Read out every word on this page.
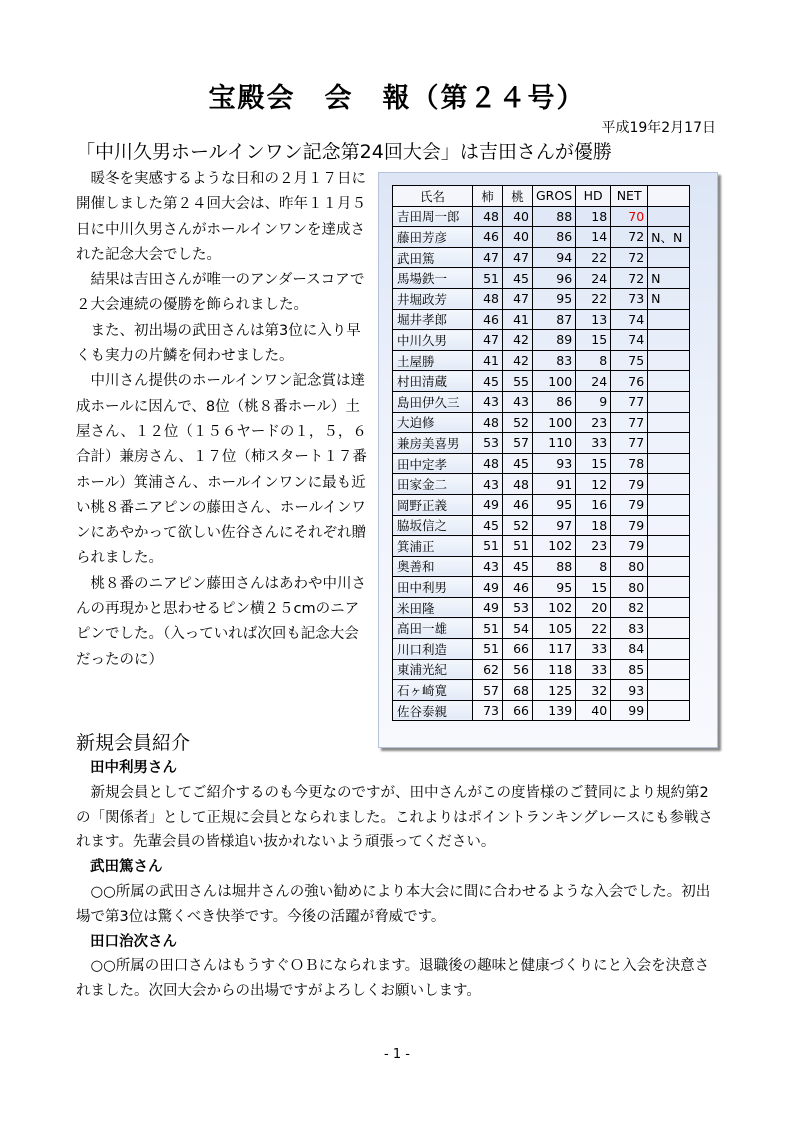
宝殿会　会　報（第２４号）
平成19年2月17日
「中川久男ホールインワン記念第24回大会」は吉田さんが優勝

暖冬を実感するような日和の２月１７日に開催しました第２４回大会は、昨年１１月５日に中川久男さんがホールインワンを達成された記念大会でした。

結果は吉田さんが唯一のアンダースコアで２大会連続の優勝を飾られました。

また、初出場の武田さんは第3位に入り早くも実力の片鱗を伺わせました。

中川さん提供のホールインワン記念賞は達成ホールに因んで、8位（桃８番ホール）土屋さん、１２位（１５６ヤードの１，５，６合計）兼房さん、１７位（柿スタート１７番ホール）箕浦さん、ホールインワンに最も近い桃８番ニアピンの藤田さん、ホールインワンにあやかって欲しい佐谷さんにそれぞれ贈られました。

桃８番のニアピン藤田さんはあわや中川さんの再現かと思わせるピン横２５cmのニアピンでした。（入っていれば次回も記念大会だったのに）

氏名	柿	桃	GROS	HD	NET	
吉田周一郎	48	40	88	18	70	
藤田芳彦	46	40	86	14	72	N、N
武田篤	47	47	94	22	72	
馬場鉄一	51	45	96	24	72	N
井堀政芳	48	47	95	22	73	N
堀井孝郎	46	41	87	13	74	
中川久男	47	42	89	15	74	
土屋勝	41	42	83	8	75	
村田清蔵	45	55	100	24	76	
島田伊久三	43	43	86	9	77	
大迫修	48	52	100	23	77	
兼房美喜男	53	57	110	33	77	
田中定孝	48	45	93	15	78	
田家金二	43	48	91	12	79	
岡野正義	49	46	95	16	79	
脇坂信之	45	52	97	18	79	
箕浦正	51	51	102	23	79	
奥善和	43	45	88	8	80	
田中利男	49	46	95	15	80	
米田隆	49	53	102	20	82	
高田一雄	51	54	105	22	83	
川口利造	51	66	117	33	84	
東浦光紀	62	56	118	33	85	
石ヶ崎寛	57	68	125	32	93	
佐谷泰親	73	66	139	40	99	
新規会員紹介
田中利男さん

新規会員としてご紹介するのも今更なのですが、田中さんがこの度皆様のご賛同により規約第2の「関係者」として正規に会員となられました。これよりはポイントランキングレースにも参戦されます。先輩会員の皆様追い抜かれないよう頑張ってください。

武田篤さん

○○所属の武田さんは堀井さんの強い勧めにより本大会に間に合わせるような入会でした。初出場で第3位は驚くべき快挙です。今後の活躍が脅威です。

田口治次さん

○○所属の田口さんはもうすぐＯＢになられます。退職後の趣味と健康づくりにと入会を決意されました。次回大会からの出場ですがよろしくお願いします。

- 1 -
